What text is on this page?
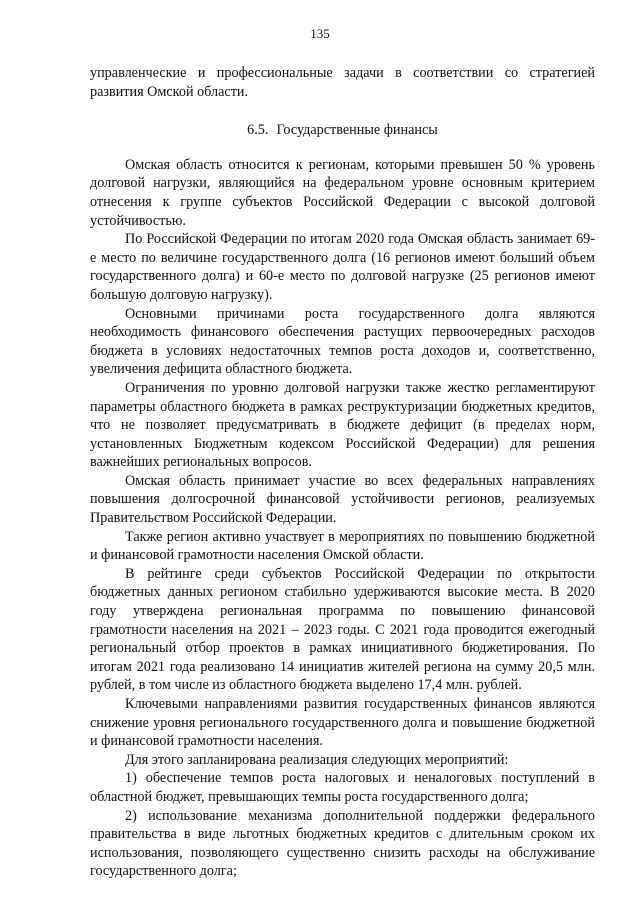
135

управленческие и профессиональные задачи в соответствии со стратегией развития Омской области.

6.5. Государственные финансы

Омская область относится к регионам, которыми превышен 50 % уровень долговой нагрузки, являющийся на федеральном уровне основным критерием отнесения к группе субъектов Российской Федерации с высокой долговой устойчивостью.

По Российской Федерации по итогам 2020 года Омская область занимает 69-е место по величине государственного долга (16 регионов имеют больший объем государственного долга) и 60-е место по долговой нагрузке (25 регионов имеют большую долговую нагрузку).

Основными причинами роста государственного долга являются необходимость финансового обеспечения растущих первоочередных расходов бюджета в условиях недостаточных темпов роста доходов и, соответственно, увеличения дефицита областного бюджета.

Ограничения по уровню долговой нагрузки также жестко регламентируют параметры областного бюджета в рамках реструктуризации бюджетных кредитов, что не позволяет предусматривать в бюджете дефицит (в пределах норм, установленных Бюджетным кодексом Российской Федерации) для решения важнейших региональных вопросов.

Омская область принимает участие во всех федеральных направлениях повышения долгосрочной финансовой устойчивости регионов, реализуемых Правительством Российской Федерации.

Также регион активно участвует в мероприятиях по повышению бюджетной и финансовой грамотности населения Омской области.

В рейтинге среди субъектов Российской Федерации по открытости бюджетных данных регионом стабильно удерживаются высокие места. В 2020 году утверждена региональная программа по повышению финансовой грамотности населения на 2021 – 2023 годы. С 2021 года проводится ежегодный региональный отбор проектов в рамках инициативного бюджетирования. По итогам 2021 года реализовано 14 инициатив жителей региона на сумму 20,5 млн. рублей, в том числе из областного бюджета выделено 17,4 млн. рублей.

Ключевыми направлениями развития государственных финансов являются снижение уровня регионального государственного долга и повышение бюджетной и финансовой грамотности населения.

Для этого запланирована реализация следующих мероприятий:

1) обеспечение темпов роста налоговых и неналоговых поступлений в областной бюджет, превышающих темпы роста государственного долга;

2) использование механизма дополнительной поддержки федерального правительства в виде льготных бюджетных кредитов с длительным сроком их использования, позволяющего существенно снизить расходы на обслуживание государственного долга;
